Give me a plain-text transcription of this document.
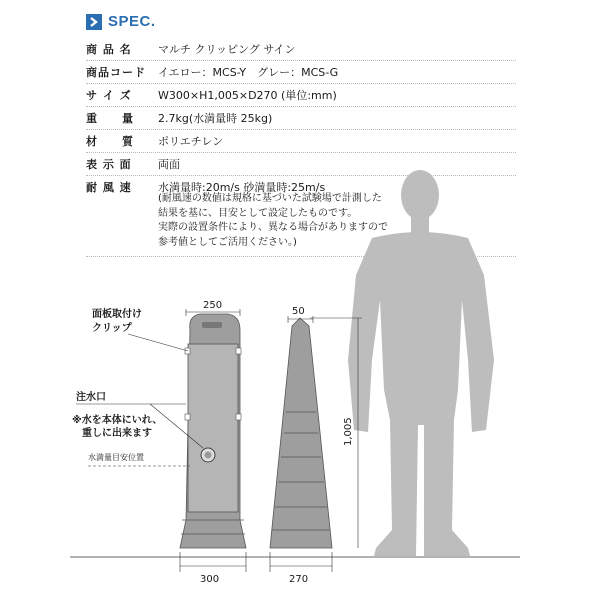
SPEC.
商 品 名	マルチ クリッピング サイン
商品コード	イエロー：MCS-Y　グレー：MCS-G
サ イ ズ	W300×H1,005×D270 (単位:mm)
重　　量	2.7kg(水満量時 25kg)
材　　質	ポリエチレン
表 示 面	両面
耐 風 速	水満量時:20m/s 砂満量時:25m/s
(耐風速の数値は規格に基づいた試験場で計測した
結果を基に、目安として設定したものです。
実際の設置条件により、異なる場合がありますので
参考値としてご活用ください。)
250
50
300	270
1,005
面板取付け
クリップ
注水口
※水を本体にいれ、
重しに出来ます
水満量目安位置
